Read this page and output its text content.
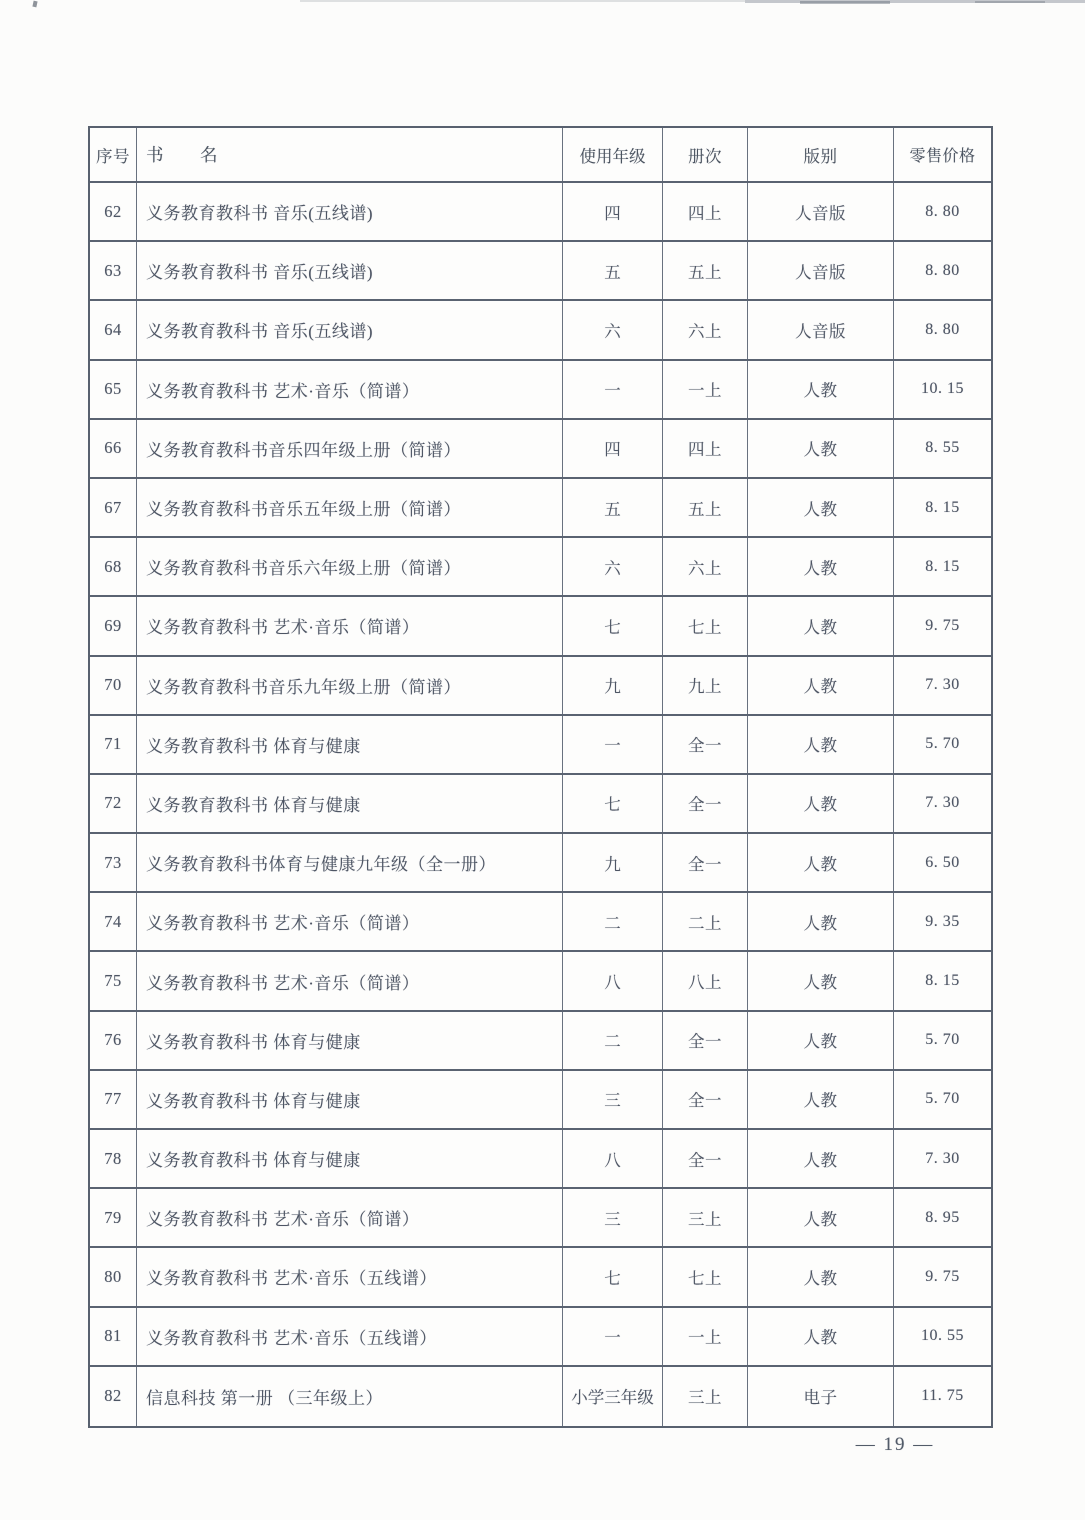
序号 书　　名	使用年级	册次	版别	零售价格
62	义务教育教科书 音乐(五线谱)	四	四上	人音版	8. 80
63	义务教育教科书 音乐(五线谱)	五	五上	人音版	8. 80
64	义务教育教科书 音乐(五线谱)	六	六上	人音版	8. 80
65	义务教育教科书 艺术·音乐（简谱）	一	一上	人教	10. 15
66	义务教育教科书音乐四年级上册（简谱）	四	四上	人教	8. 55
67	义务教育教科书音乐五年级上册（简谱）	五	五上	人教	8. 15
68	义务教育教科书音乐六年级上册（简谱）	六	六上	人教	8. 15
69	义务教育教科书 艺术·音乐（简谱）	七	七上	人教	9. 75
70	义务教育教科书音乐九年级上册（简谱）	九	九上	人教	7. 30
71	义务教育教科书 体育与健康	一	全一	人教	5. 70
72	义务教育教科书 体育与健康	七	全一	人教	7. 30
73	义务教育教科书体育与健康九年级（全一册）	九	全一	人教	6. 50
74	义务教育教科书 艺术·音乐（简谱）	二	二上	人教	9. 35
75	义务教育教科书 艺术·音乐（简谱）	八	八上	人教	8. 15
76	义务教育教科书 体育与健康	二	全一	人教	5. 70
77	义务教育教科书 体育与健康	三	全一	人教	5. 70
78	义务教育教科书 体育与健康	八	全一	人教	7. 30
79	义务教育教科书 艺术·音乐（简谱）	三	三上	人教	8. 95
80	义务教育教科书 艺术·音乐（五线谱）	七	七上	人教	9. 75
81	义务教育教科书 艺术·音乐（五线谱）	一	一上	人教	10. 55
82	信息科技 第一册 （三年级上）	小学三年级	三上	电子	11. 75
— 19 —
